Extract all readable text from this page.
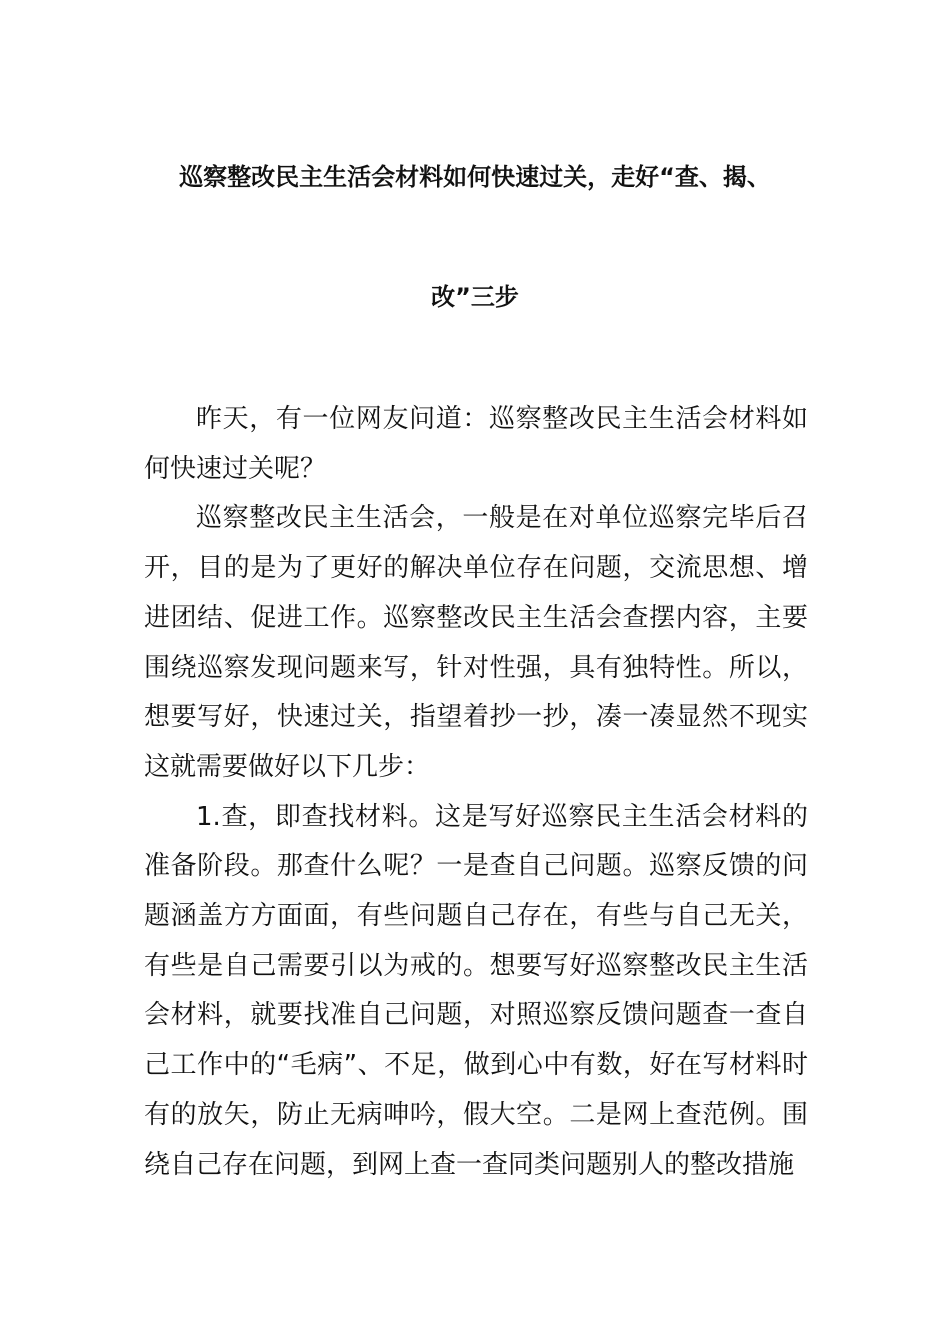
巡察整改民主生活会材料如何快速过关，走好“查、揭、
改”三步

昨天，有一位网友问道：巡察整改民主生活会材料如何快速过关呢？

巡察整改民主生活会，一般是在对单位巡察完毕后召开，目的是为了更好的解决单位存在问题，交流思想、增进团结、促进工作。巡察整改民主生活会查摆内容，主要围绕巡察发现问题来写，针对性强，具有独特性。所以，想要写好，快速过关，指望着抄一抄，凑一凑显然不现实这就需要做好以下几步：

1.查，即查找材料。这是写好巡察民主生活会材料的准备阶段。那查什么呢？一是查自己问题。巡察反馈的问题涵盖方方面面，有些问题自己存在，有些与自己无关，有些是自己需要引以为戒的。想要写好巡察整改民主生活会材料，就要找准自己问题，对照巡察反馈问题查一查自己工作中的“毛病”、不足，做到心中有数，好在写材料时有的放矢，防止无病呻吟，假大空。二是网上查范例。围绕自己存在问题，到网上查一查同类问题别人的整改措施
